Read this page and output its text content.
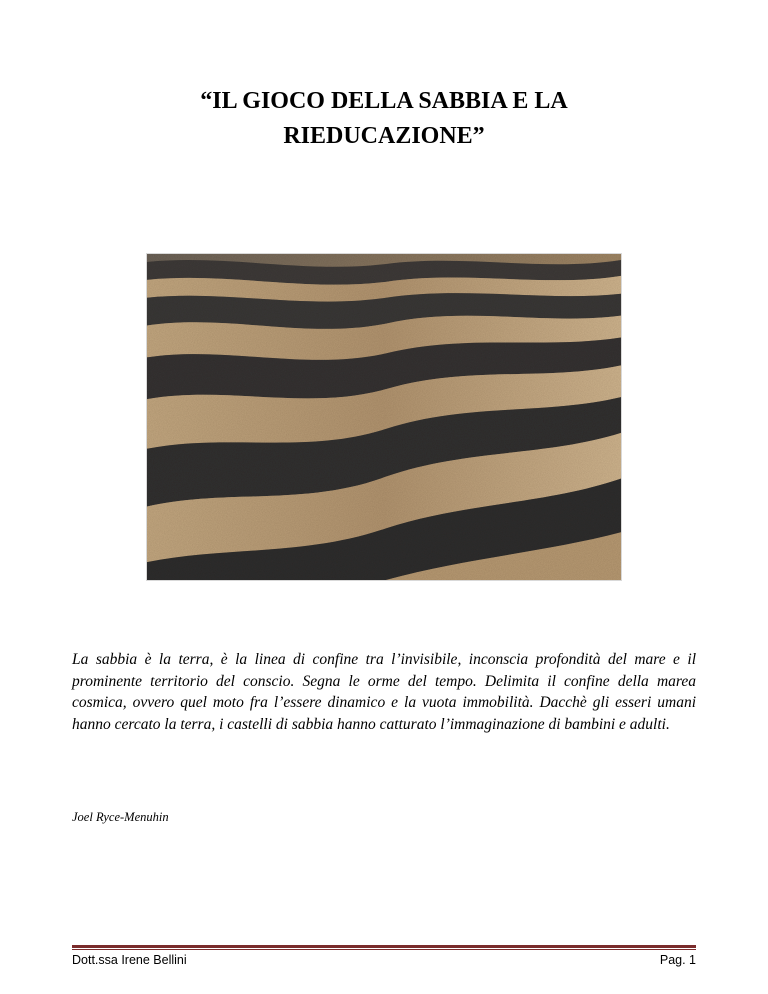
“IL GIOCO DELLA SABBIA E LA
RIEDUCAZIONE”

La sabbia è la terra, è la linea di confine tra l’invisibile, inconscia profondità del mare e il prominente territorio del conscio. Segna le orme del tempo. Delimita il confine della marea cosmica, ovvero quel moto fra l’essere dinamico e la vuota immobilità. Dacchè gli esseri umani hanno cercato la terra, i castelli di sabbia hanno catturato l’immaginazione di bambini e adulti.

Joel Ryce-Menuhin
Dott.ssa Irene Bellini	Pag. 1
